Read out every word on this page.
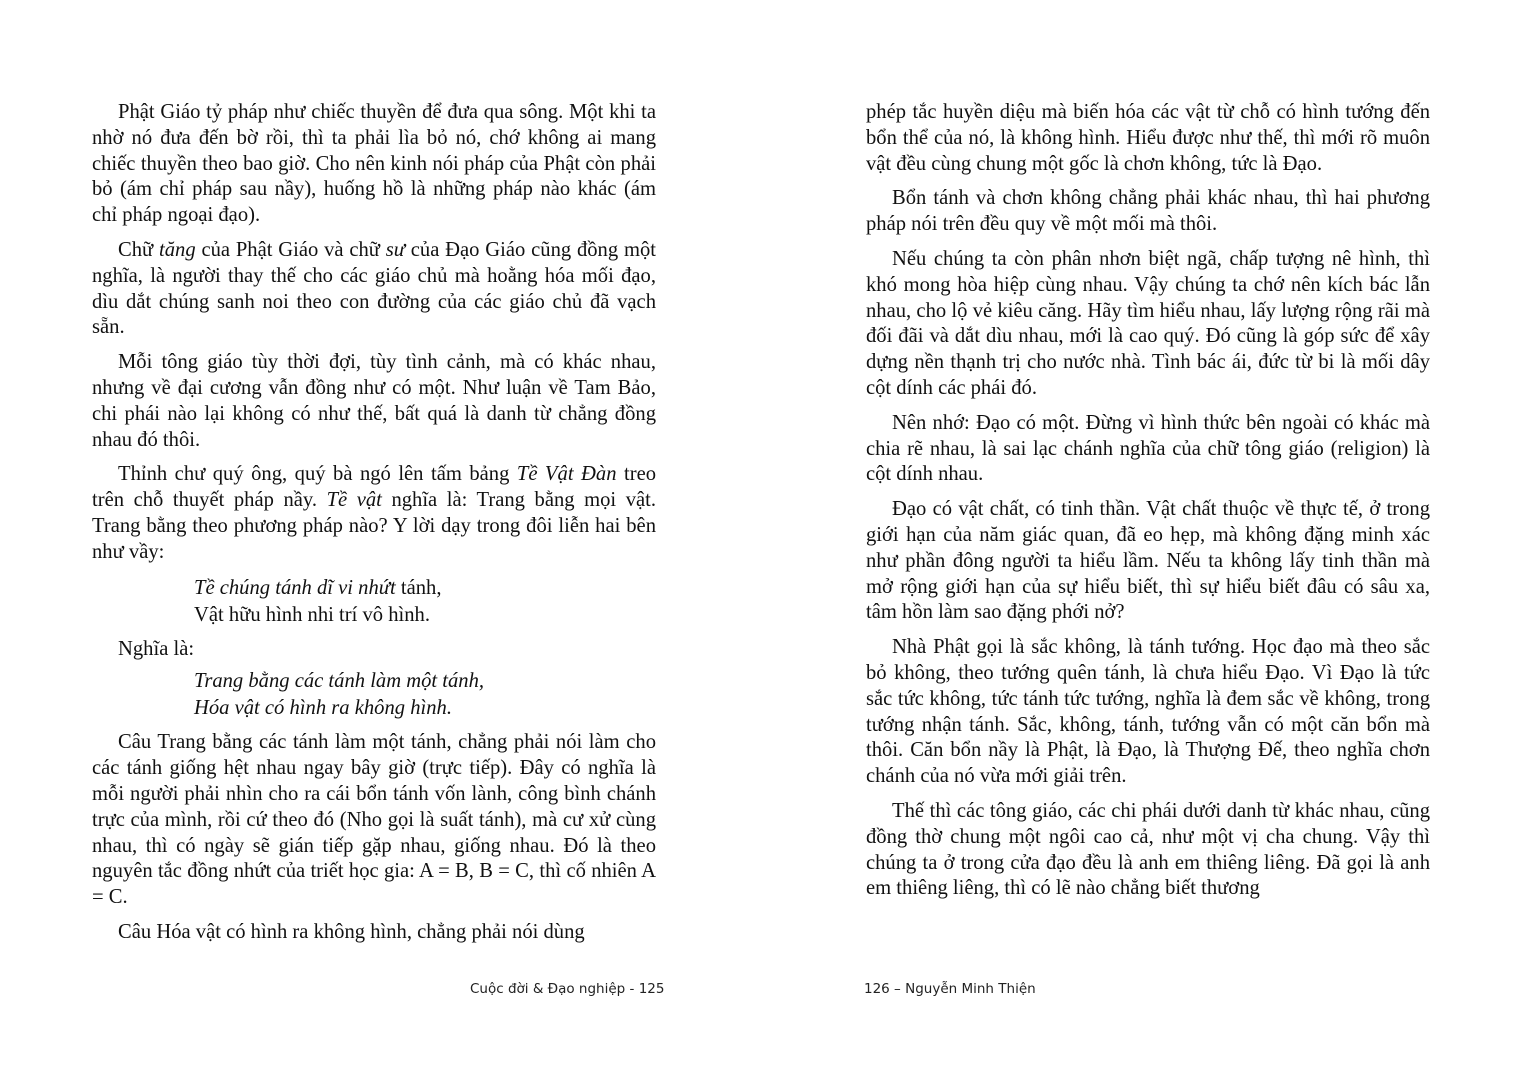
Phật Giáo tỷ pháp như chiếc thuyền để đưa qua sông. Một khi ta nhờ nó đưa đến bờ rồi, thì ta phải lìa bỏ nó, chớ không ai mang chiếc thuyền theo bao giờ. Cho nên kinh nói pháp của Phật còn phải bỏ (ám chỉ pháp sau nầy), huống hồ là những pháp nào khác (ám chỉ pháp ngoại đạo).

Chữ tăng của Phật Giáo và chữ sư của Đạo Giáo cũng đồng một nghĩa, là người thay thế cho các giáo chủ mà hoằng hóa mối đạo, dìu dắt chúng sanh noi theo con đường của các giáo chủ đã vạch sẵn.

Mỗi tông giáo tùy thời đợi, tùy tình cảnh, mà có khác nhau, nhưng về đại cương vẫn đồng như có một. Như luận về Tam Bảo, chi phái nào lại không có như thế, bất quá là danh từ chẳng đồng nhau đó thôi.

Thỉnh chư quý ông, quý bà ngó lên tấm bảng Tề Vật Đàn treo trên chỗ thuyết pháp nầy. Tề vật nghĩa là: Trang bằng mọi vật. Trang bằng theo phương pháp nào? Y lời dạy trong đôi liễn hai bên như vầy:

Tề chúng tánh dĩ vi nhứt tánh,
Vật hữu hình nhi trí vô hình.

Nghĩa là:

Trang bằng các tánh làm một tánh,
Hóa vật có hình ra không hình.

Câu Trang bằng các tánh làm một tánh, chẳng phải nói làm cho các tánh giống hệt nhau ngay bây giờ (trực tiếp). Đây có nghĩa là mỗi người phải nhìn cho ra cái bổn tánh vốn lành, công bình chánh trực của mình, rồi cứ theo đó (Nho gọi là suất tánh), mà cư xử cùng nhau, thì có ngày sẽ gián tiếp gặp nhau, giống nhau. Đó là theo nguyên tắc đồng nhứt của triết học gia: A = B, B = C, thì cố nhiên A = C.

Câu Hóa vật có hình ra không hình, chẳng phải nói dùng

Cuộc đời & Đạo nghiệp - 125

phép tắc huyền diệu mà biến hóa các vật từ chỗ có hình tướng đến bổn thể của nó, là không hình. Hiểu được như thế, thì mới rõ muôn vật đều cùng chung một gốc là chơn không, tức là Đạo.

Bổn tánh và chơn không chẳng phải khác nhau, thì hai phương pháp nói trên đều quy về một mối mà thôi.

Nếu chúng ta còn phân nhơn biệt ngã, chấp tượng nê hình, thì khó mong hòa hiệp cùng nhau. Vậy chúng ta chớ nên kích bác lẫn nhau, cho lộ vẻ kiêu căng. Hãy tìm hiểu nhau, lấy lượng rộng rãi mà đối đãi và dắt dìu nhau, mới là cao quý. Đó cũng là góp sức để xây dựng nền thạnh trị cho nước nhà. Tình bác ái, đức từ bi là mối dây cột dính các phái đó.

Nên nhớ: Đạo có một. Đừng vì hình thức bên ngoài có khác mà chia rẽ nhau, là sai lạc chánh nghĩa của chữ tông giáo (religion) là cột dính nhau.

Đạo có vật chất, có tinh thần. Vật chất thuộc về thực tế, ở trong giới hạn của năm giác quan, đã eo hẹp, mà không đặng minh xác như phần đông người ta hiểu lầm. Nếu ta không lấy tinh thần mà mở rộng giới hạn của sự hiểu biết, thì sự hiểu biết đâu có sâu xa, tâm hồn làm sao đặng phới nở?

Nhà Phật gọi là sắc không, là tánh tướng. Học đạo mà theo sắc bỏ không, theo tướng quên tánh, là chưa hiểu Đạo. Vì Đạo là tức sắc tức không, tức tánh tức tướng, nghĩa là đem sắc về không, trong tướng nhận tánh. Sắc, không, tánh, tướng vẫn có một căn bổn mà thôi. Căn bổn nầy là Phật, là Đạo, là Thượng Đế, theo nghĩa chơn chánh của nó vừa mới giải trên.

Thế thì các tông giáo, các chi phái dưới danh từ khác nhau, cũng đồng thờ chung một ngôi cao cả, như một vị cha chung. Vậy thì chúng ta ở trong cửa đạo đều là anh em thiêng liêng. Đã gọi là anh em thiêng liêng, thì có lẽ nào chẳng biết thương

126 – Nguyễn Minh Thiện
